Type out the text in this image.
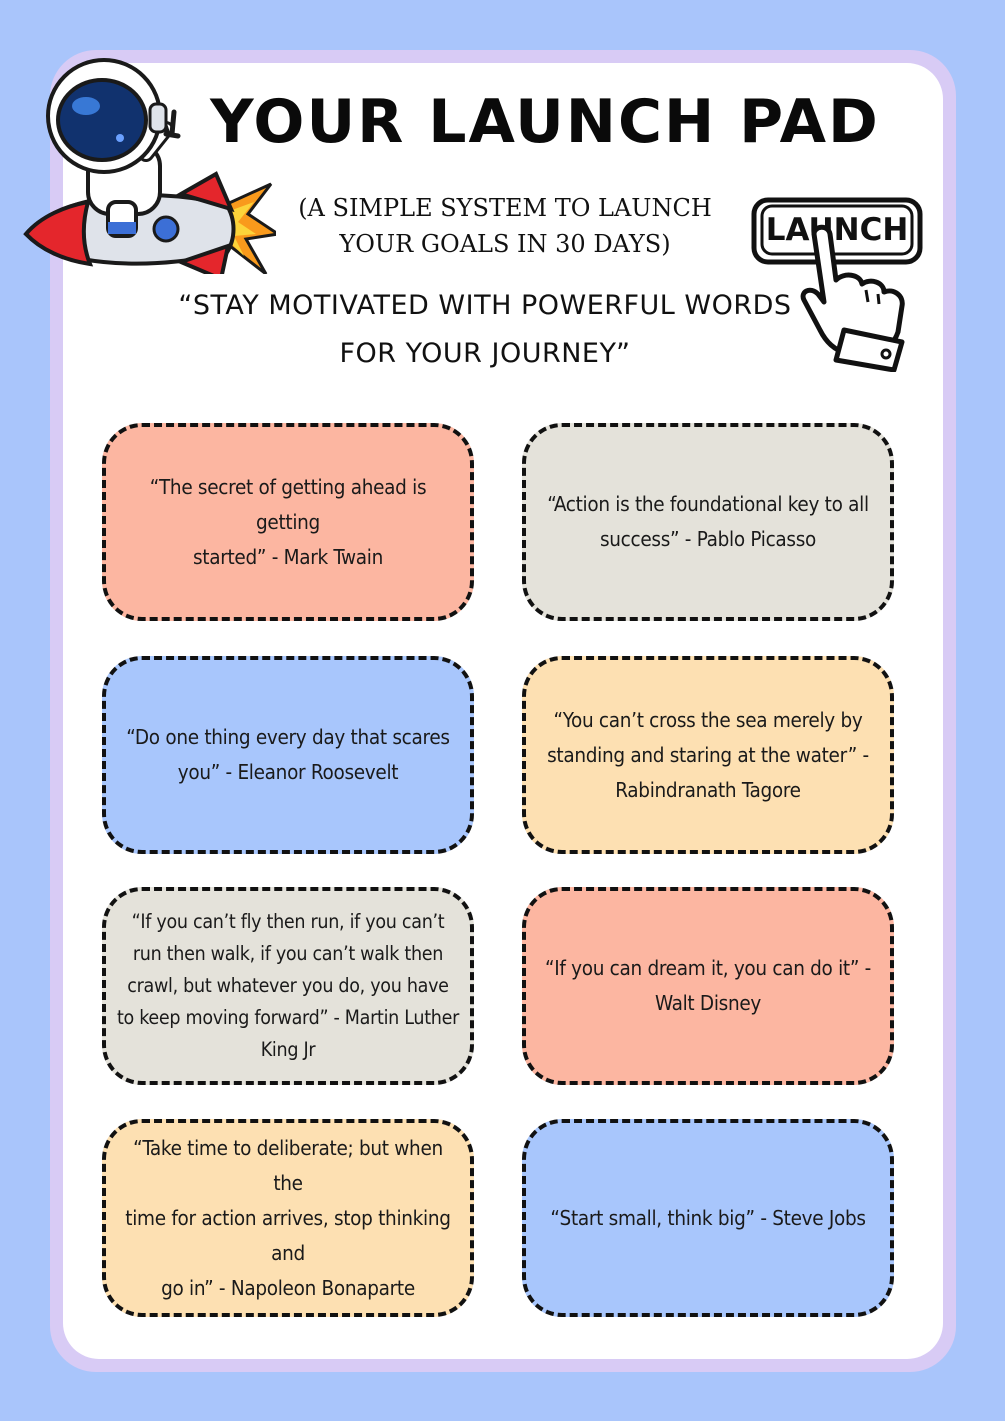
YOUR LAUNCH PAD

(A SIMPLE SYSTEM TO LAUNCH
YOUR GOALS IN 30 DAYS)

“STAY MOTIVATED WITH POWERFUL WORDS
FOR YOUR JOURNEY”

LAUNCH

“The secret of getting ahead is getting
started” - Mark Twain

“Action is the foundational key to all
success” - Pablo Picasso

“Do one thing every day that scares
you” - Eleanor Roosevelt

“You can’t cross the sea merely by
standing and staring at the water” -
Rabindranath Tagore

“If you can’t fly then run, if you can’t
run then walk, if you can’t walk then
crawl, but whatever you do, you have
to keep moving forward” - Martin Luther
King Jr

“If you can dream it, you can do it” -
Walt Disney

“Take time to deliberate; but when the
time for action arrives, stop thinking and
go in” - Napoleon Bonaparte

“Start small, think big” - Steve Jobs
